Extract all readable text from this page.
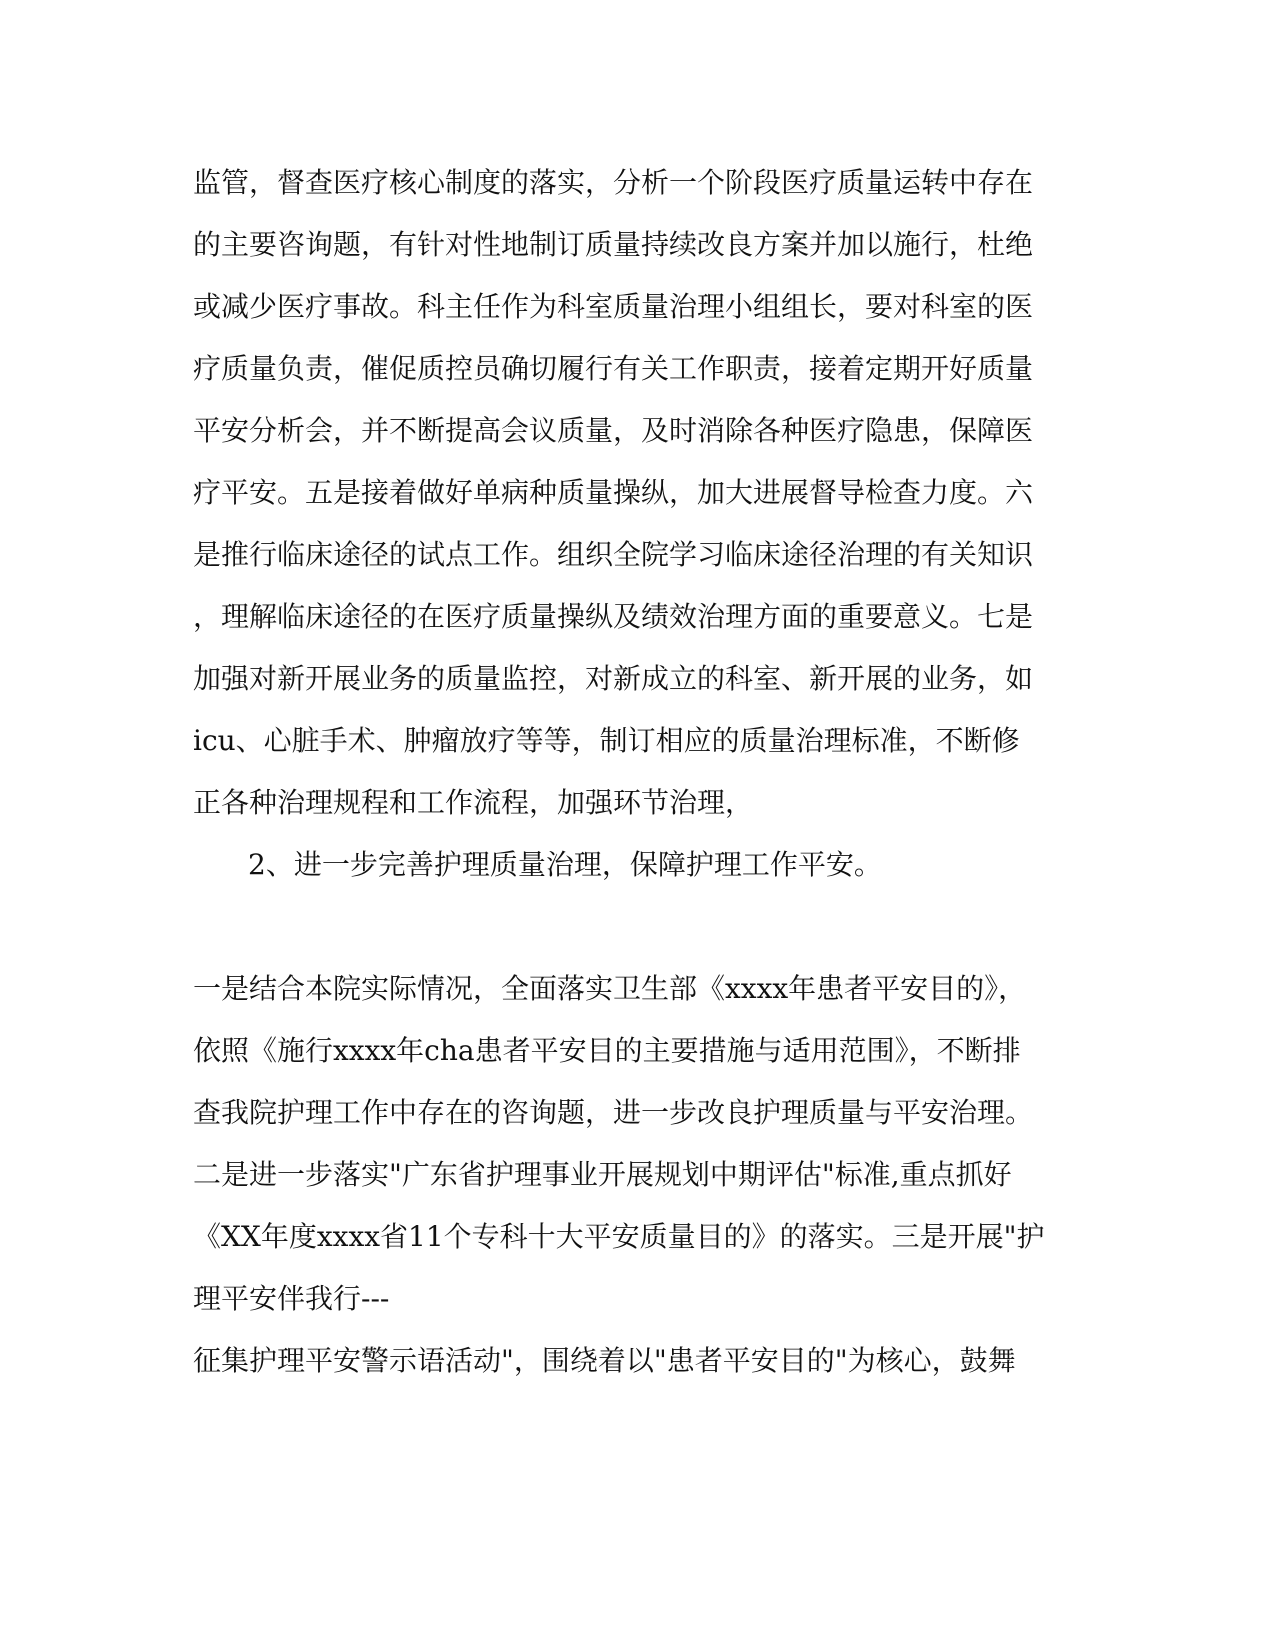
监管，督查医疗核心制度的落实，分析一个阶段医疗质量运转中存在
的主要咨询题，有针对性地制订质量持续改良方案并加以施行，杜绝
或减少医疗事故。科主任作为科室质量治理小组组长，要对科室的医
疗质量负责，催促质控员确切履行有关工作职责，接着定期开好质量
平安分析会，并不断提高会议质量，及时消除各种医疗隐患，保障医
疗平安。五是接着做好单病种质量操纵，加大进展督导检查力度。六
是推行临床途径的试点工作。组织全院学习临床途径治理的有关知识
，理解临床途径的在医疗质量操纵及绩效治理方面的重要意义。七是
加强对新开展业务的质量监控，对新成立的科室、新开展的业务，如
icu、心脏手术、肿瘤放疗等等，制订相应的质量治理标准，不断修
正各种治理规程和工作流程，加强环节治理，
2、进一步完善护理质量治理，保障护理工作平安。
一是结合本院实际情况，全面落实卫生部《xxxx年患者平安目的》，
依照《施行xxxx年cha患者平安目的主要措施与适用范围》，不断排
查我院护理工作中存在的咨询题，进一步改良护理质量与平安治理。
二是进一步落实"广东省护理事业开展规划中期评估"标准,重点抓好
《XX年度xxxx省11个专科十大平安质量目的》的落实。三是开展"护
理平安伴我行---
征集护理平安警示语活动"，围绕着以"患者平安目的"为核心，鼓舞
